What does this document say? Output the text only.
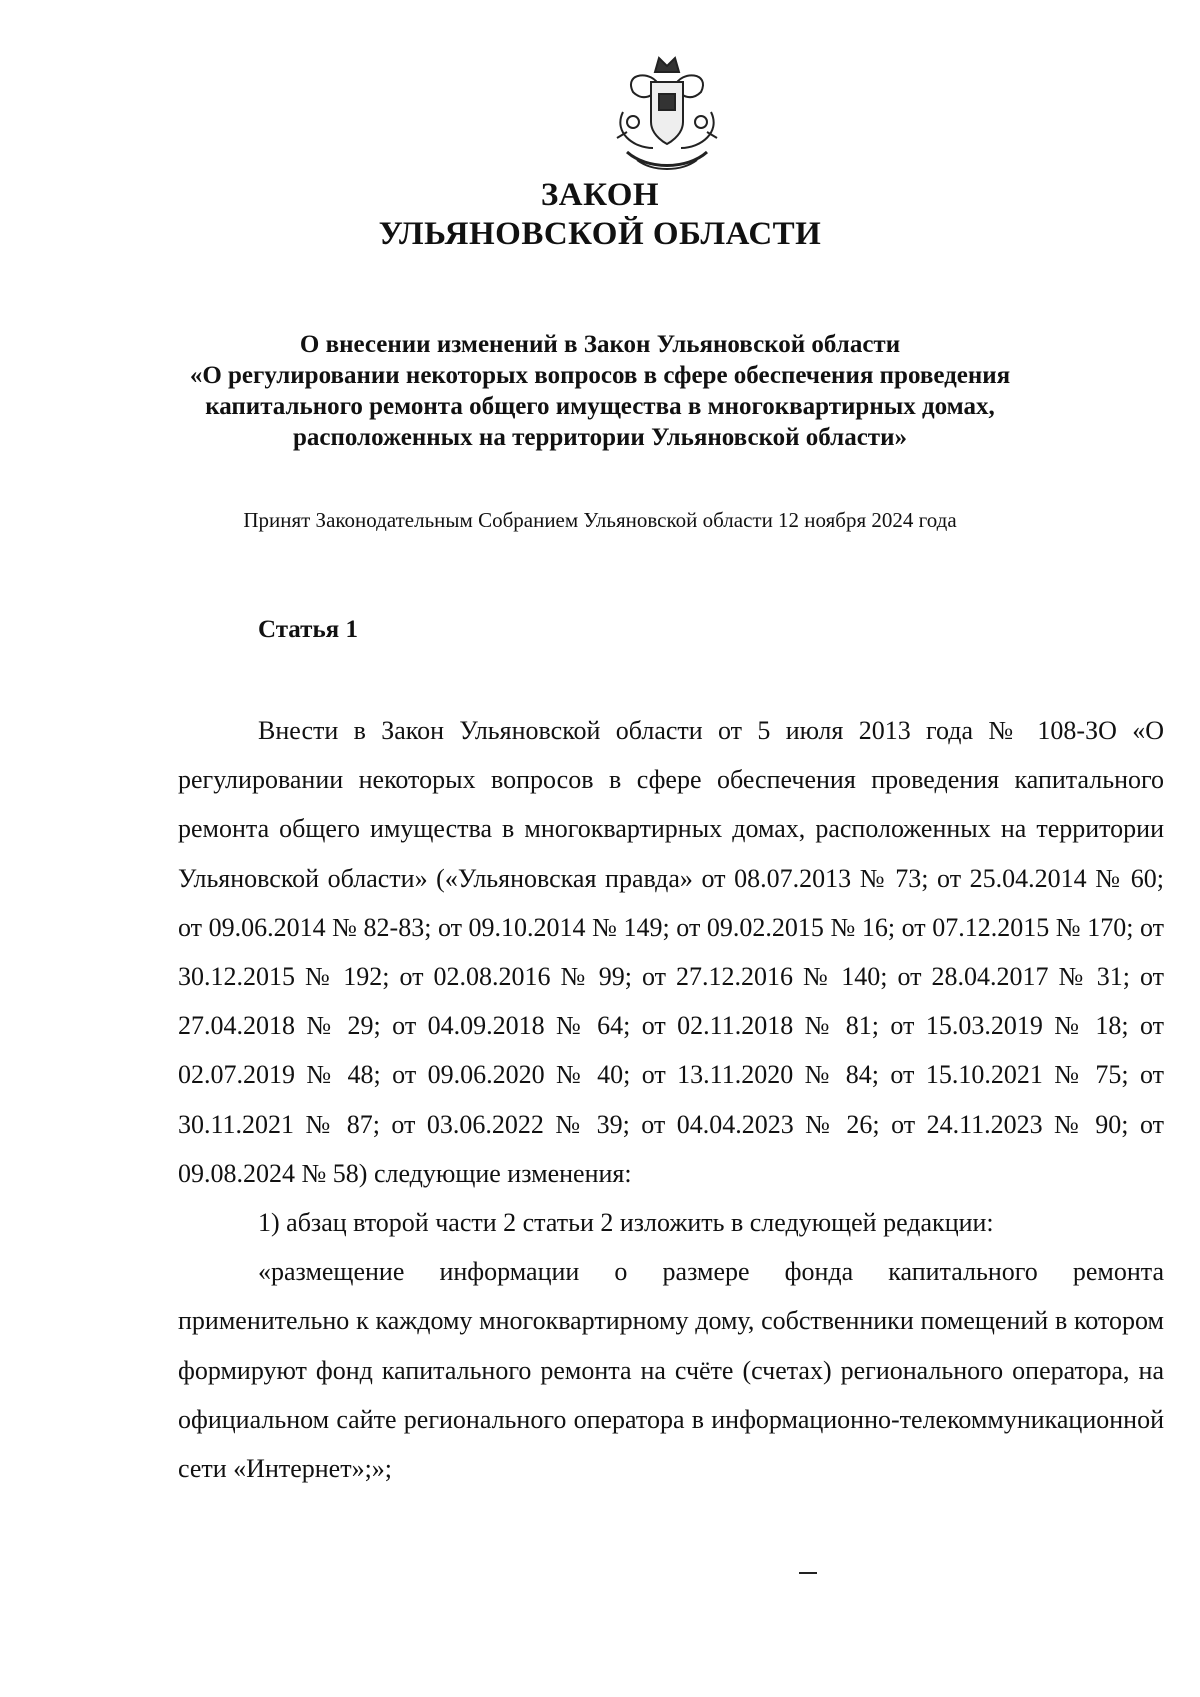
ЗАКОН
УЛЬЯНОВСКОЙ ОБЛАСТИ
О внесении изменений в Закон Ульяновской области
«О регулировании некоторых вопросов в сфере обеспечения проведения
капитального ремонта общего имущества в многоквартирных домах,
расположенных на территории Ульяновской области»
Принят Законодательным Собранием Ульяновской области 12 ноября 2024 года
Статья 1

Внести в Закон Ульяновской области от 5 июля 2013 года № 108-ЗО «О регулировании некоторых вопросов в сфере обеспечения проведения капитального ремонта общего имущества в многоквартирных домах, расположенных на территории Ульяновской области» («Ульяновская правда» от 08.07.2013 № 73; от 25.04.2014 № 60; от 09.06.2014 № 82-83; от 09.10.2014 № 149; от 09.02.2015 № 16; от 07.12.2015 № 170; от 30.12.2015 № 192; от 02.08.2016 № 99; от 27.12.2016 № 140; от 28.04.2017 № 31; от 27.04.2018 № 29; от 04.09.2018 № 64; от 02.11.2018 № 81; от 15.03.2019 № 18; от 02.07.2019 № 48; от 09.06.2020 № 40; от 13.11.2020 № 84; от 15.10.2021 № 75; от 30.11.2021 № 87; от 03.06.2022 № 39; от 04.04.2023 № 26; от 24.11.2023 № 90; от 09.08.2024 № 58) следующие изменения:

1) абзац второй части 2 статьи 2 изложить в следующей редакции:

«размещение информации о размере фонда капитального ремонта применительно к каждому многоквартирному дому, собственники помещений в котором формируют фонд капитального ремонта на счёте (счетах) регионального оператора, на официальном сайте регионального оператора в информационно-телекоммуникационной сети «Интернет»;»;
